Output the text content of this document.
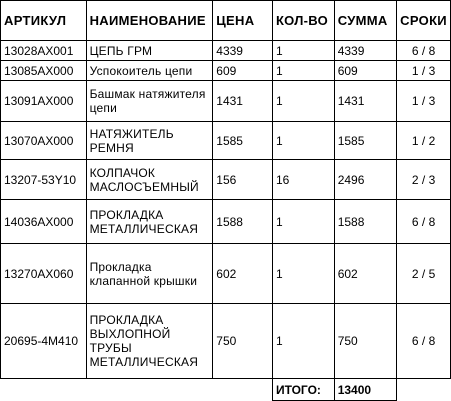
АРТИКУЛ	НАИМЕНОВАНИЕ	ЦЕНА	КОЛ-ВО	СУММА	СРОКИ
13028AX001	ЦЕПЬ ГРМ	4339	1	4339	6 / 8
13085AX000	Успокоитель цепи	609	1	609	1 / 3
13091AX000	Башмак натяжителя цепи	1431	1	1431	1 / 3
13070AX000	НАТЯЖИТЕЛЬ РЕМНЯ	1585	1	1585	1 / 2
13207-53Y10	КОЛПАЧОК МАСЛОСЪЕМНЫЙ	156	16	2496	2 / 3
14036AX000	ПРОКЛАДКА МЕТАЛЛИЧЕСКАЯ	1588	1	1588	6 / 8
13270AX060	Прокладка клапанной крышки	602	1	602	2 / 5
20695-4M410	ПРОКЛАДКА ВЫХЛОПНОЙ ТРУБЫ МЕТАЛЛИЧЕСКАЯ	750	1	750	6 / 8
			ИТОГО:	13400	
